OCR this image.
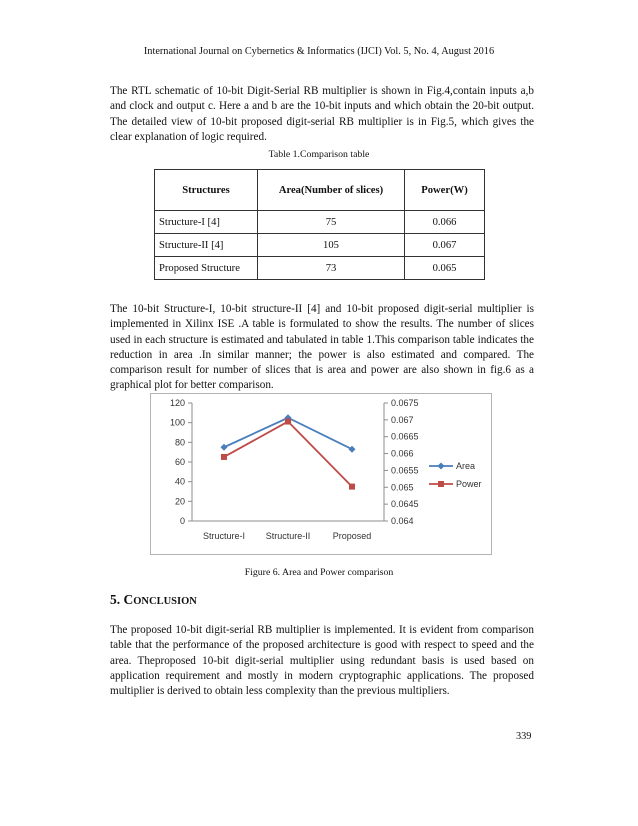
International Journal on Cybernetics & Informatics (IJCI) Vol. 5, No. 4, August 2016

The RTL schematic of 10-bit Digit-Serial RB multiplier is shown in Fig.4,contain inputs a,b and clock and output c. Here a and b are the 10-bit inputs and which obtain the 20-bit output. The detailed view of 10-bit proposed digit-serial RB multiplier is in Fig.5, which gives the clear explanation of logic required.

Table 1.Comparison table
Structures	Area(Number of slices)	Power(W)
Structure-I [4]	75	0.066
Structure-II [4]	105	0.067
Proposed Structure	73	0.065

The 10-bit Structure-I, 10-bit structure-II [4] and 10-bit proposed digit-serial multiplier is implemented in Xilinx ISE .A table is formulated to show the results. The number of slices used in each structure is estimated and tabulated in table 1.This comparison table indicates the reduction in area .In similar manner; the power is also estimated and compared. The comparison result for number of slices that is area and power are also shown in fig.6 as a graphical plot for better comparison.

0
20
40
60
80
100
120
0.064
0.0645
0.065
0.0655
0.066
0.0665
0.067
0.0675
Structure-I Structure-II Proposed
Area
Power
Figure 6. Area and Power comparison
5. CONCLUSION

The proposed 10-bit digit-serial RB multiplier is implemented. It is evident from comparison table that the performance of the proposed architecture is good with respect to speed and the area. Theproposed 10-bit digit-serial multiplier using redundant basis is used based on application requirement and mostly in modern cryptographic applications. The proposed multiplier is derived to obtain less complexity than the previous multipliers.

339
